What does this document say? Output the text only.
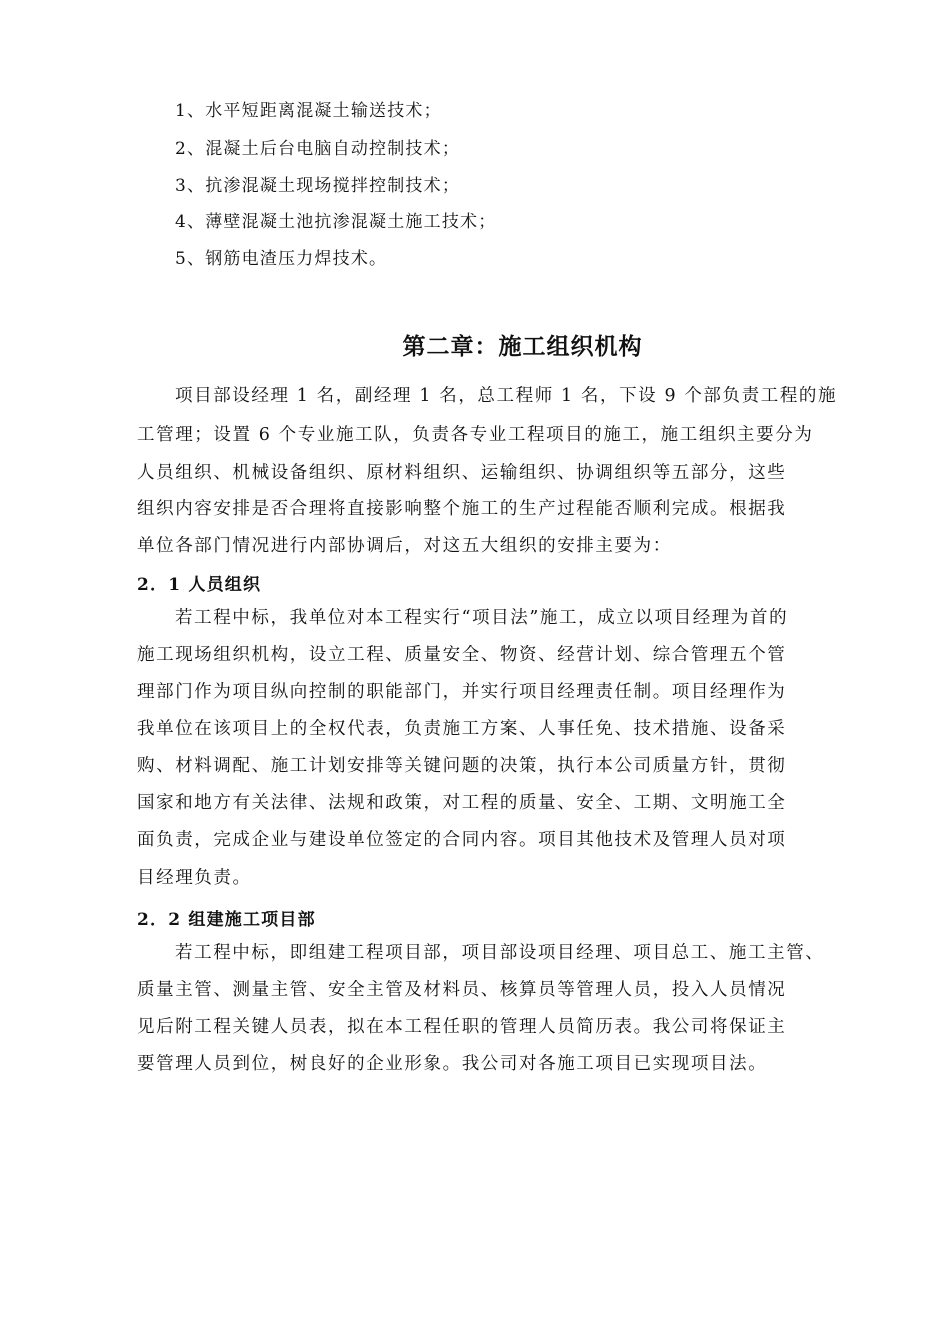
1、水平短距离混凝土输送技术；
2、混凝土后台电脑自动控制技术；
3、抗渗混凝土现场搅拌控制技术；
4、薄壁混凝土池抗渗混凝土施工技术；
5、钢筋电渣压力焊技术。
第二章：施工组织机构
项目部设经理 1 名，副经理 1 名，总工程师 1 名，下设 9 个部负责工程的施
工管理；设置 6 个专业施工队，负责各专业工程项目的施工，施工组织主要分为
人员组织、机械设备组织、原材料组织、运输组织、协调组织等五部分，这些
组织内容安排是否合理将直接影响整个施工的生产过程能否顺利完成。根据我
单位各部门情况进行内部协调后，对这五大组织的安排主要为：
2．1 人员组织
若工程中标，我单位对本工程实行“项目法”施工，成立以项目经理为首的
施工现场组织机构，设立工程、质量安全、物资、经营计划、综合管理五个管
理部门作为项目纵向控制的职能部门，并实行项目经理责任制。项目经理作为
我单位在该项目上的全权代表，负责施工方案、人事任免、技术措施、设备采
购、材料调配、施工计划安排等关键问题的决策，执行本公司质量方针，贯彻
国家和地方有关法律、法规和政策，对工程的质量、安全、工期、文明施工全
面负责，完成企业与建设单位签定的合同内容。项目其他技术及管理人员对项
目经理负责。
2．2 组建施工项目部
若工程中标，即组建工程项目部，项目部设项目经理、项目总工、施工主管、
质量主管、测量主管、安全主管及材料员、核算员等管理人员，投入人员情况
见后附工程关键人员表，拟在本工程任职的管理人员简历表。我公司将保证主
要管理人员到位，树良好的企业形象。我公司对各施工项目已实现项目法。
